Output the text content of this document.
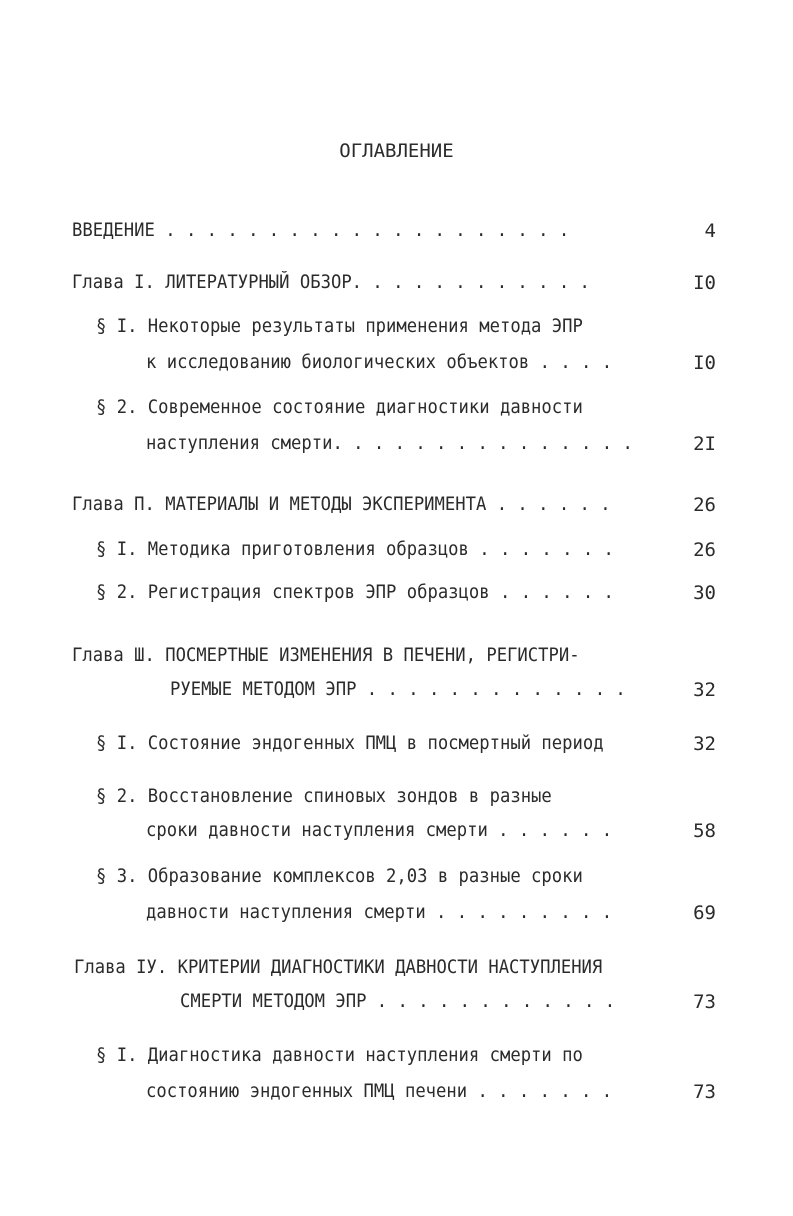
ОГЛАВЛЕНИЕ
ВВЕДЕНИЕ . . . . . . . . . . . . . . . . . . . .	4
Глава I. ЛИТЕРАТУРНЫЙ ОБЗОР. . . . . . . . . . . .	I0
§ I. Некоторые результаты применения метода ЭПР
к исследованию биологических объектов . . . .	I0
§ 2. Современное состояние диагностики давности
наступления смерти. . . . . . . . . . . . . . .	2I
Глава П. МАТЕРИАЛЫ И МЕТОДЫ ЭКСПЕРИМЕНТА . . . . . .	26
§ I. Методика приготовления образцов . . . . . . .	26
§ 2. Регистрация спектров ЭПР образцов . . . . . .	30
Глава Ш. ПОСМЕРТНЫЕ ИЗМЕНЕНИЯ В ПЕЧЕНИ, РЕГИСТРИ-
РУЕМЫЕ МЕТОДОМ ЭПР . . . . . . . . . . . . .	32
§ I. Состояние эндогенных ПМЦ в посмертный период	32
§ 2. Восстановление спиновых зондов в разные
сроки давности наступления смерти . . . . . .	58
§ 3. Образование комплексов 2,03 в разные сроки
давности наступления смерти . . . . . . . . .	69
Глава ІУ. КРИТЕРИИ ДИАГНОСТИКИ ДАВНОСТИ НАСТУПЛЕНИЯ
СМЕРТИ МЕТОДОМ ЭПР . . . . . . . . . . . .	73
§ I. Диагностика давности наступления смерти по
состоянию эндогенных ПМЦ печени . . . . . . .	73
